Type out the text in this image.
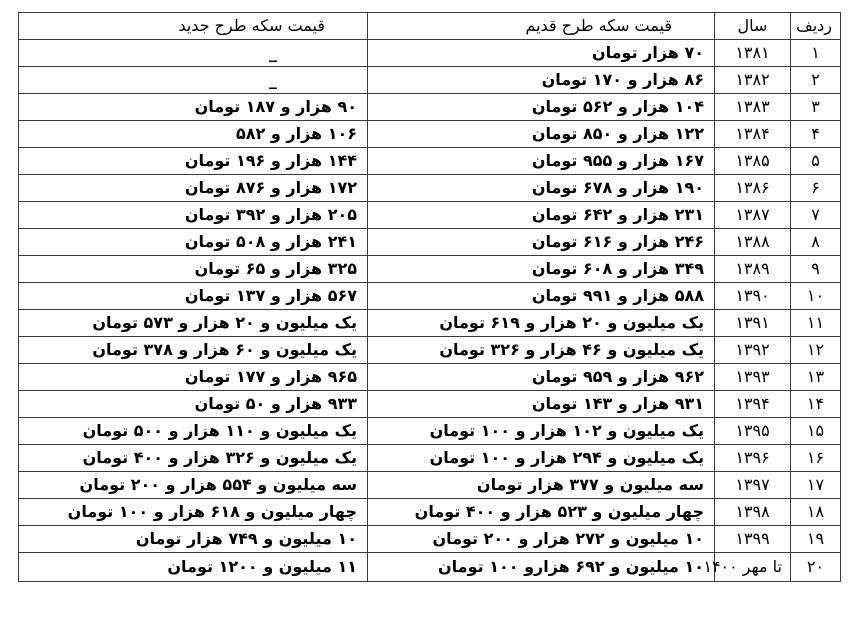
ردیف	سال	قیمت سکه طرح قدیم	قیمت سکه طرح جدید
۱	۱۳۸۱	۷۰ هزار تومان	_
۲	۱۳۸۲	۸۶ هزار و ۱۷۰ تومان	_
۳	۱۳۸۳	۱۰۴ هزار و ۵۶۲ تومان	۹۰ هزار و ۱۸۷ تومان
۴	۱۳۸۴	۱۲۲ هزار و ۸۵۰ تومان	۱۰۶ هزار و ۵۸۲
۵	۱۳۸۵	۱۶۷ هزار و ۹۵۵ تومان	۱۴۴ هزار و ۱۹۶ تومان
۶	۱۳۸۶	۱۹۰ هزار و ۶۷۸ تومان	۱۷۲ هزار و ۸۷۶ تومان
۷	۱۳۸۷	۲۳۱ هزار و ۶۴۲ تومان	۲۰۵ هزار و ۳۹۲ تومان
۸	۱۳۸۸	۲۴۶ هزار و ۶۱۶ تومان	۲۴۱ هزار و ۵۰۸ تومان
۹	۱۳۸۹	۳۴۹ هزار و ۶۰۸ تومان	۳۲۵ هزار و ۶۵ تومان
۱۰	۱۳۹۰	۵۸۸ هزار و ۹۹۱ تومان	۵۶۷ هزار و ۱۳۷ تومان
۱۱	۱۳۹۱	یک میلیون و ۲۰ هزار و ۶۱۹ تومان	یک میلیون و ۲۰ هزار و ۵۷۳ تومان
۱۲	۱۳۹۲	یک میلیون و ۴۶ هزار و ۳۲۶ تومان	یک میلیون و ۶۰ هزار و ۳۷۸ تومان
۱۳	۱۳۹۳	۹۶۲ هزار و ۹۵۹ تومان	۹۶۵ هزار و ۱۷۷ تومان
۱۴	۱۳۹۴	۹۳۱ هزار و ۱۴۳ تومان	۹۳۳ هزار و ۵۰ تومان
۱۵	۱۳۹۵	یک میلیون و ۱۰۲ هزار و ۱۰۰ تومان	یک میلیون و ۱۱۰ هزار و ۵۰۰ تومان
۱۶	۱۳۹۶	یک میلیون و ۲۹۴ هزار و ۱۰۰ تومان	یک میلیون و ۳۲۶ هزار و ۴۰۰ تومان
۱۷	۱۳۹۷	سه میلیون و ۳۷۷ هزار تومان	سه میلیون و ۵۵۴ هزار و ۲۰۰ تومان
۱۸	۱۳۹۸	چهار میلیون و ۵۲۳ هزار و ۴۰۰ تومان	چهار میلیون و ۶۱۸ هزار و ۱۰۰ تومان
۱۹	۱۳۹۹	۱۰ میلیون و ۲۷۲ هزار و ۲۰۰ تومان	۱۰ میلیون و ۷۴۹ هزار تومان
۲۰	تا مهر ۱۴۰۰	۱۰ میلیون و ۶۹۲ هزارو ۱۰۰ تومان	۱۱ میلیون و ۱۲۰۰ تومان
